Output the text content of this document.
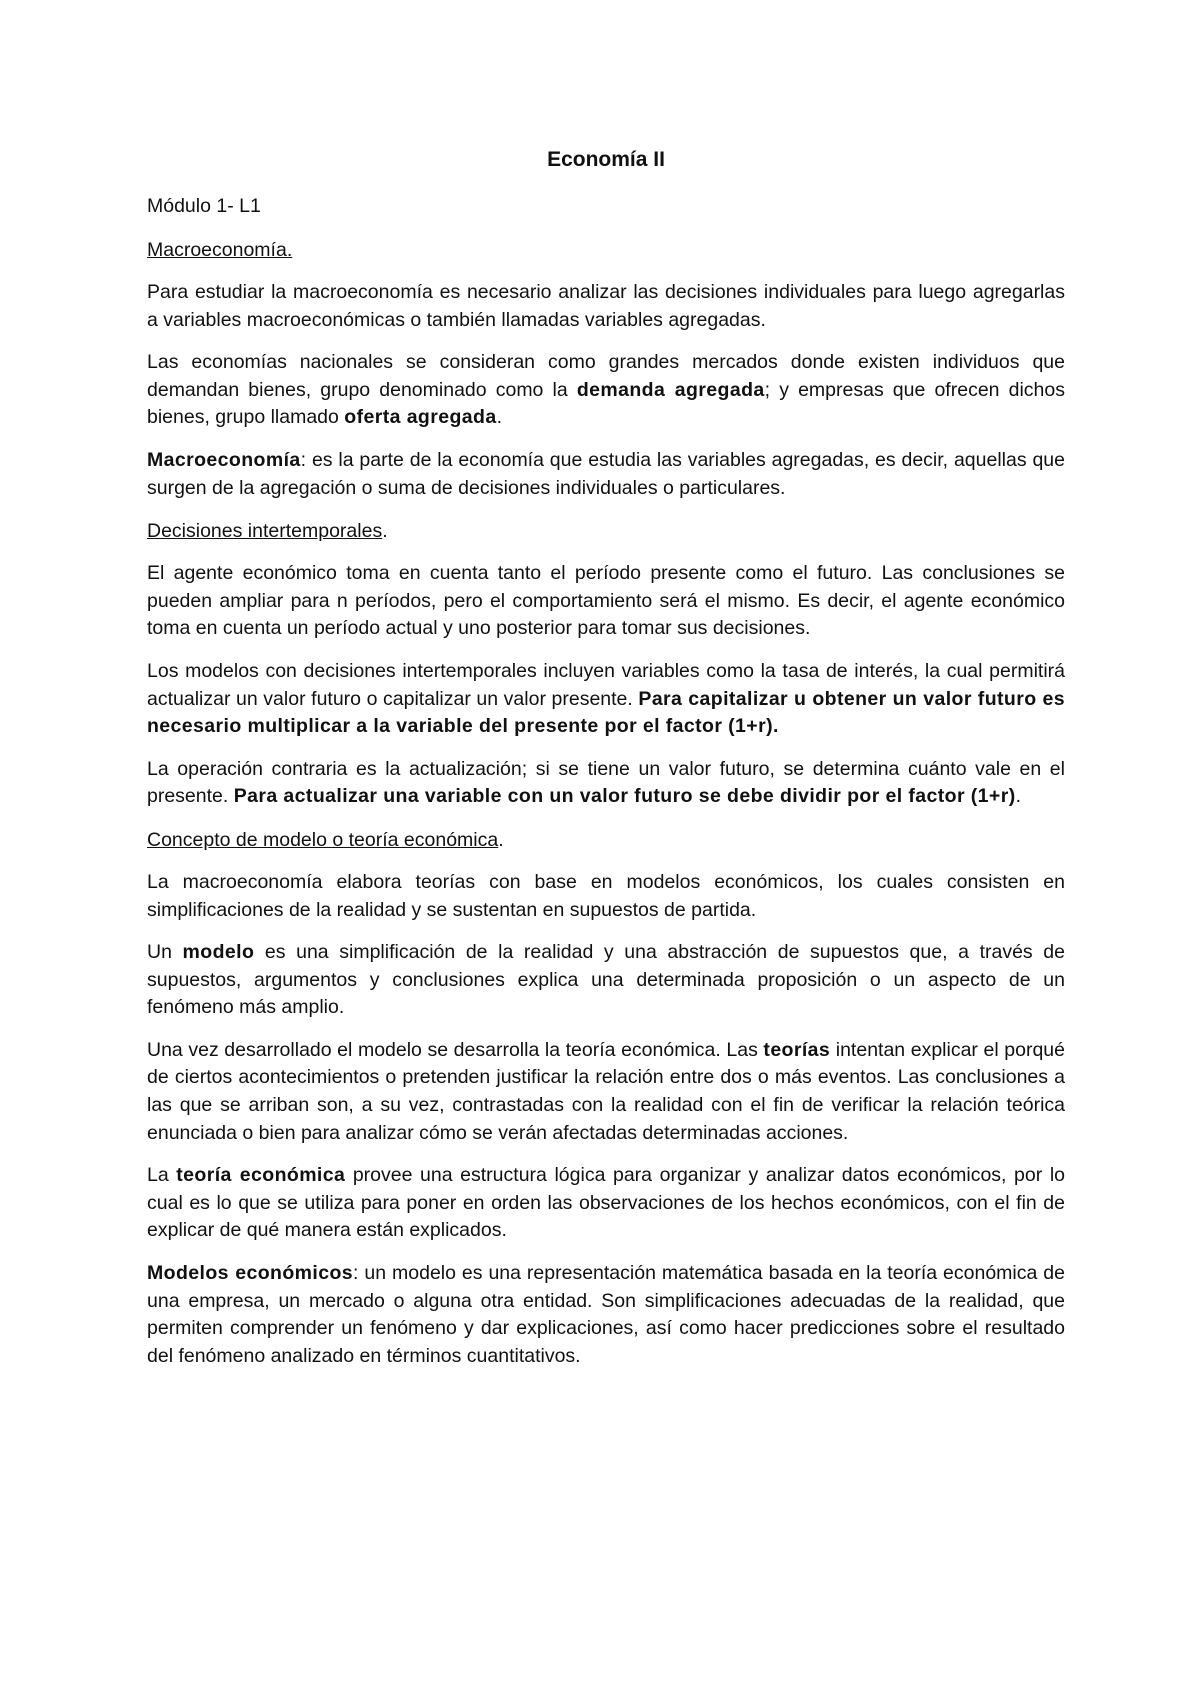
Economía II
Módulo 1- L1
Macroeconomía.

Para estudiar la macroeconomía es necesario analizar las decisiones individuales para luego agregarlas a variables macroeconómicas o también llamadas variables agregadas.

Las economías nacionales se consideran como grandes mercados donde existen individuos que demandan bienes, grupo denominado como la demanda agregada; y empresas que ofrecen dichos bienes, grupo llamado oferta agregada.

Macroeconomía: es la parte de la economía que estudia las variables agregadas, es decir, aquellas que surgen de la agregación o suma de decisiones individuales o particulares.

Decisiones intertemporales.

El agente económico toma en cuenta tanto el período presente como el futuro. Las conclusiones se pueden ampliar para n períodos, pero el comportamiento será el mismo. Es decir, el agente económico toma en cuenta un período actual y uno posterior para tomar sus decisiones.

Los modelos con decisiones intertemporales incluyen variables como la tasa de interés, la cual permitirá actualizar un valor futuro o capitalizar un valor presente. Para capitalizar u obtener un valor futuro es necesario multiplicar a la variable del presente por el factor (1+r).

La operación contraria es la actualización; si se tiene un valor futuro, se determina cuánto vale en el presente. Para actualizar una variable con un valor futuro se debe dividir por el factor (1+r).

Concepto de modelo o teoría económica.

La macroeconomía elabora teorías con base en modelos económicos, los cuales consisten en simplificaciones de la realidad y se sustentan en supuestos de partida.

Un modelo es una simplificación de la realidad y una abstracción de supuestos que, a través de supuestos, argumentos y conclusiones explica una determinada proposición o un aspecto de un fenómeno más amplio.

Una vez desarrollado el modelo se desarrolla la teoría económica. Las teorías intentan explicar el porqué de ciertos acontecimientos o pretenden justificar la relación entre dos o más eventos. Las conclusiones a las que se arriban son, a su vez, contrastadas con la realidad con el fin de verificar la relación teórica enunciada o bien para analizar cómo se verán afectadas determinadas acciones.

La teoría económica provee una estructura lógica para organizar y analizar datos económicos, por lo cual es lo que se utiliza para poner en orden las observaciones de los hechos económicos, con el fin de explicar de qué manera están explicados.

Modelos económicos: un modelo es una representación matemática basada en la teoría económica de una empresa, un mercado o alguna otra entidad. Son simplificaciones adecuadas de la realidad, que permiten comprender un fenómeno y dar explicaciones, así como hacer predicciones sobre el resultado del fenómeno analizado en términos cuantitativos.
